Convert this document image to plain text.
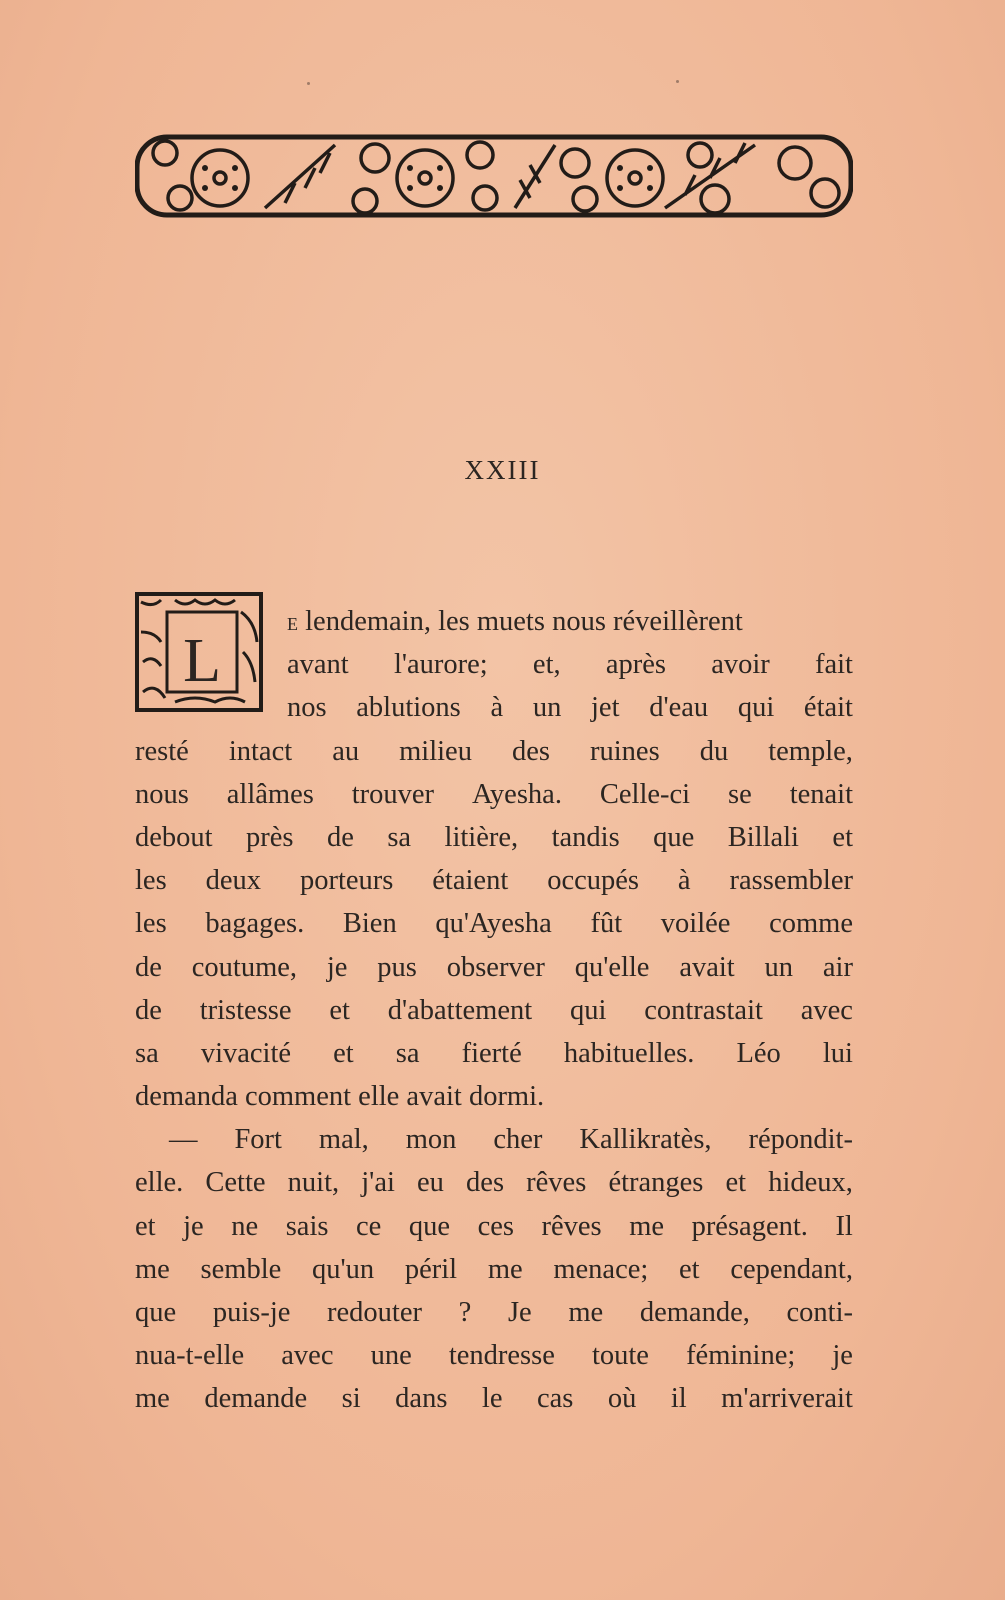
XXIII
L
E lendemain, les muets nous réveillèrent
avant l'aurore; et, après avoir fait
nos ablutions à un jet d'eau qui était
resté intact au milieu des ruines du temple,
nous allâmes trouver Ayesha. Celle-ci se tenait
debout près de sa litière, tandis que Billali et
les deux porteurs étaient occupés à rassembler
les bagages. Bien qu'Ayesha fût voilée comme
de coutume, je pus observer qu'elle avait un air
de tristesse et d'abattement qui contrastait avec
sa vivacité et sa fierté habituelles. Léo lui
demanda comment elle avait dormi.
— Fort mal, mon cher Kallikratès, répondit-
elle. Cette nuit, j'ai eu des rêves étranges et hideux,
et je ne sais ce que ces rêves me présagent. Il
me semble qu'un péril me menace; et cependant,
que puis-je redouter ? Je me demande, conti-
nua-t-elle avec une tendresse toute féminine; je
me demande si dans le cas où il m'arriverait
